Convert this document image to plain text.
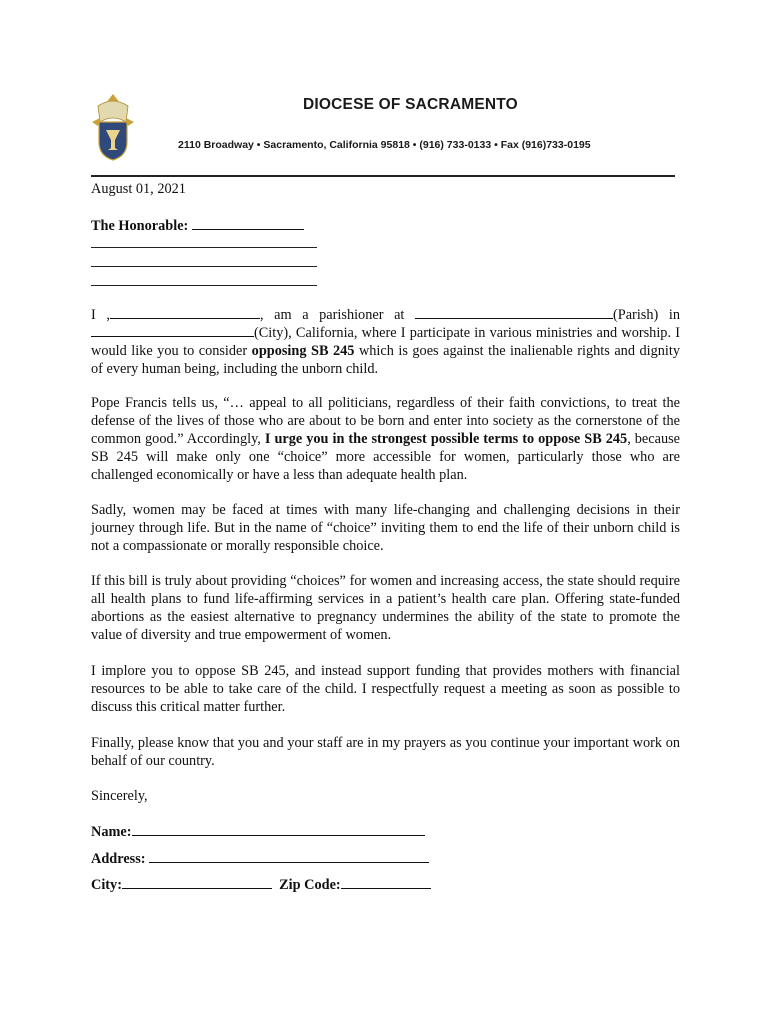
DIOCESE OF SACRAMENTO
2110 Broadway • Sacramento, California 95818 • (916) 733-0133 • Fax (916)733-0195
August 01, 2021
The Honorable:
I ,	, am a parishioner at	(Parish) in (City), California, where I participate in various ministries and worship. I would like you to consider opposing SB 245 which is goes against the inalienable rights and dignity of every human being, including the unborn child.
Pope Francis tells us, “… appeal to all politicians, regardless of their faith convictions, to treat the defense of the lives of those who are about to be born and enter into society as the cornerstone of the common good.” Accordingly, I urge you in the strongest possible terms to oppose SB 245, because SB 245 will make only one “choice” more accessible for women, particularly those who are challenged economically or have a less than adequate health plan.
Sadly, women may be faced at times with many life-changing and challenging decisions in their journey through life. But in the name of “choice” inviting them to end the life of their unborn child is not a compassionate or morally responsible choice.
If this bill is truly about providing “choices” for women and increasing access, the state should require all health plans to fund life-affirming services in a patient’s health care plan. Offering state-funded abortions as the easiest alternative to pregnancy undermines the ability of the state to promote the value of diversity and true empowerment of women.
I implore you to oppose SB 245, and instead support funding that provides mothers with financial resources to be able to take care of the child. I respectfully request a meeting as soon as possible to discuss this critical matter further.
Finally, please know that you and your staff are in my prayers as you continue your important work on behalf of our country.
Sincerely,
Name:
Address:
City:	Zip Code:
